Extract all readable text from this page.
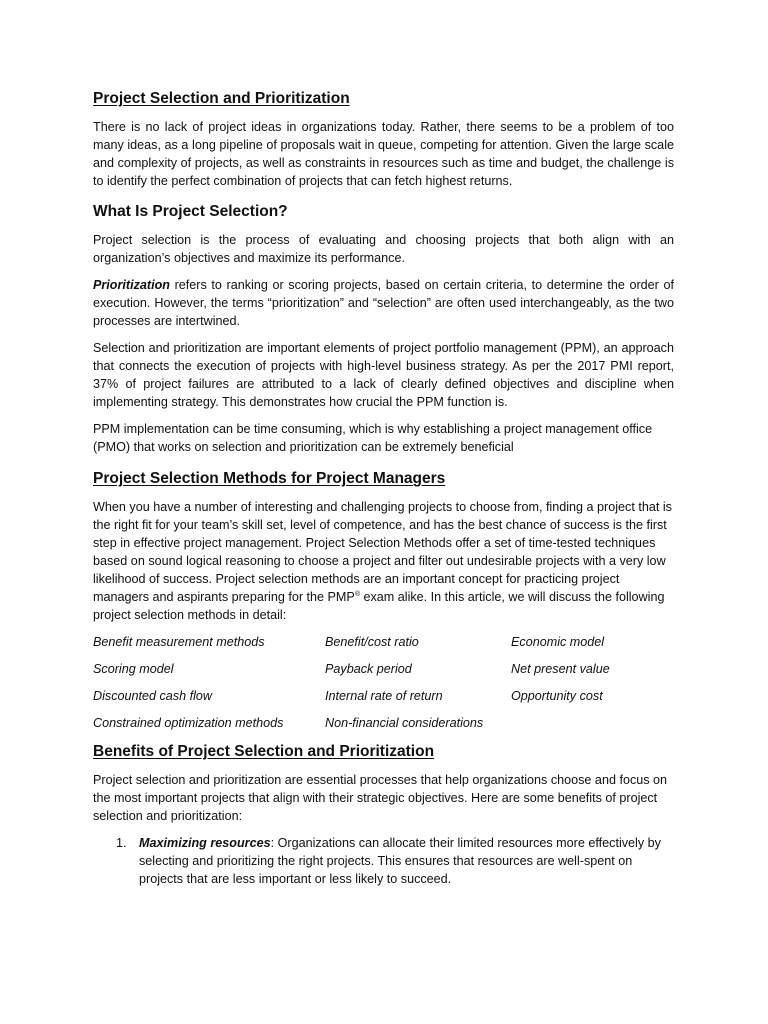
Project Selection and Prioritization

There is no lack of project ideas in organizations today. Rather, there seems to be a problem of too many ideas, as a long pipeline of proposals wait in queue, competing for attention. Given the large scale and complexity of projects, as well as constraints in resources such as time and budget, the challenge is to identify the perfect combination of projects that can fetch highest returns.

What Is Project Selection?

Project selection is the process of evaluating and choosing projects that both align with an organization’s objectives and maximize its performance.

Prioritization refers to ranking or scoring projects, based on certain criteria, to determine the order of execution. However, the terms “prioritization” and “selection” are often used interchangeably, as the two processes are intertwined.

Selection and prioritization are important elements of project portfolio management (PPM), an approach that connects the execution of projects with high-level business strategy. As per the 2017 PMI report, 37% of project failures are attributed to a lack of clearly defined objectives and discipline when implementing strategy. This demonstrates how crucial the PPM function is.

PPM implementation can be time consuming, which is why establishing a project management office (PMO) that works on selection and prioritization can be extremely beneficial

Project Selection Methods for Project Managers

When you have a number of interesting and challenging projects to choose from, finding a project that is the right fit for your team’s skill set, level of competence, and has the best chance of success is the first step in effective project management. Project Selection Methods offer a set of time-tested techniques based on sound logical reasoning to choose a project and filter out undesirable projects with a very low likelihood of success. Project selection methods are an important concept for practicing project managers and aspirants preparing for the PMP® exam alike. In this article, we will discuss the following project selection methods in detail:

Benefit measurement methods	Benefit/cost ratio	Economic model
Scoring model	Payback period	Net present value
Discounted cash flow	Internal rate of return	Opportunity cost
Constrained optimization methods	Non-financial considerations
Benefits of Project Selection and Prioritization

Project selection and prioritization are essential processes that help organizations choose and focus on the most important projects that align with their strategic objectives. Here are some benefits of project selection and prioritization:

1. Maximizing resources: Organizations can allocate their limited resources more effectively by selecting and prioritizing the right projects. This ensures that resources are well-spent on projects that are less important or less likely to succeed.
